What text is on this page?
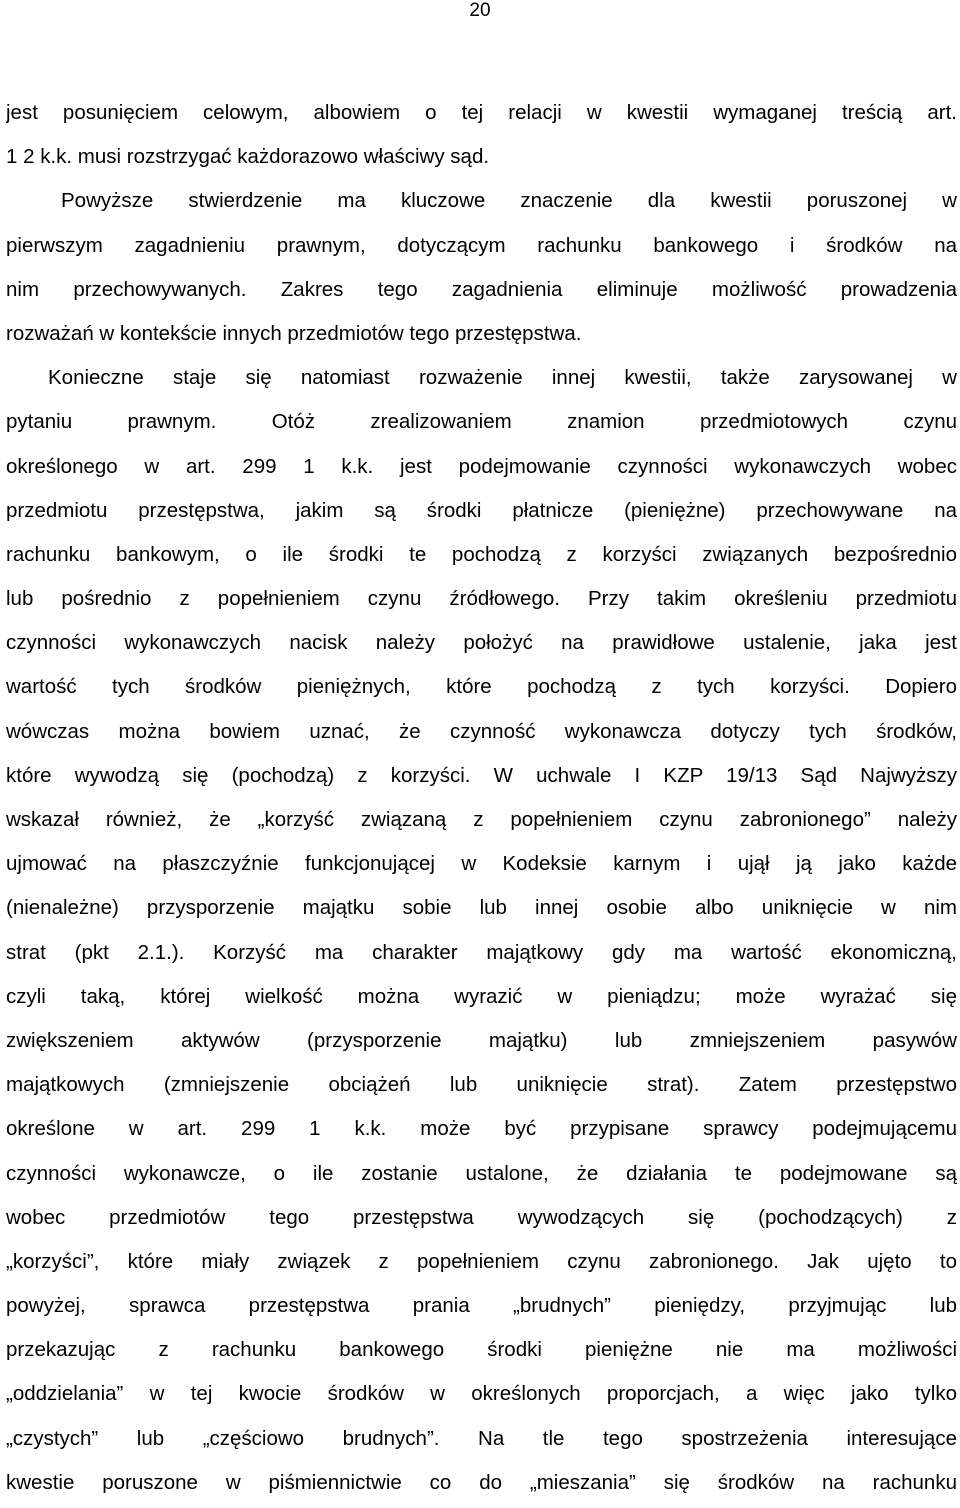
20
jest posunięciem celowym, albowiem o tej relacji w kwestii wymaganej treścią art.
1 2 k.k. musi rozstrzygać każdorazowo właściwy sąd.
Powyższe stwierdzenie ma kluczowe znaczenie dla kwestii poruszonej w
pierwszym zagadnieniu prawnym, dotyczącym rachunku bankowego i środków na
nim przechowywanych. Zakres tego zagadnienia eliminuje możliwość prowadzenia
rozważań w kontekście innych przedmiotów tego przestępstwa.
Konieczne staje się natomiast rozważenie innej kwestii, także zarysowanej w
pytaniu prawnym. Otóż zrealizowaniem znamion przedmiotowych czynu
określonego w art. 299 1 k.k. jest podejmowanie czynności wykonawczych wobec
przedmiotu przestępstwa, jakim są środki płatnicze (pieniężne) przechowywane na
rachunku bankowym, o ile środki te pochodzą z korzyści związanych bezpośrednio
lub pośrednio z popełnieniem czynu źródłowego. Przy takim określeniu przedmiotu
czynności wykonawczych nacisk należy położyć na prawidłowe ustalenie, jaka jest
wartość tych środków pieniężnych, które pochodzą z tych korzyści. Dopiero
wówczas można bowiem uznać, że czynność wykonawcza dotyczy tych środków,
które wywodzą się (pochodzą) z korzyści. W uchwale I KZP 19/13 Sąd Najwyższy
wskazał również, że „korzyść związaną z popełnieniem czynu zabronionego” należy
ujmować na płaszczyźnie funkcjonującej w Kodeksie karnym i ujął ją jako każde
(nienależne) przysporzenie majątku sobie lub innej osobie albo uniknięcie w nim
strat (pkt 2.1.). Korzyść ma charakter majątkowy gdy ma wartość ekonomiczną,
czyli taką, której wielkość można wyrazić w pieniądzu; może wyrażać się
zwiększeniem aktywów (przysporzenie majątku) lub zmniejszeniem pasywów
majątkowych (zmniejszenie obciążeń lub uniknięcie strat). Zatem przestępstwo
określone w art. 299 1 k.k. może być przypisane sprawcy podejmującemu
czynności wykonawcze, o ile zostanie ustalone, że działania te podejmowane są
wobec przedmiotów tego przestępstwa wywodzących się (pochodzących) z
„korzyści”, które miały związek z popełnieniem czynu zabronionego. Jak ujęto to
powyżej, sprawca przestępstwa prania „brudnych” pieniędzy, przyjmując lub
przekazując z rachunku bankowego środki pieniężne nie ma możliwości
„oddzielania” w tej kwocie środków w określonych proporcjach, a więc jako tylko
„czystych” lub „częściowo brudnych”. Na tle tego spostrzeżenia interesujące
kwestie poruszone w piśmiennictwie co do „mieszania” się środków na rachunku
